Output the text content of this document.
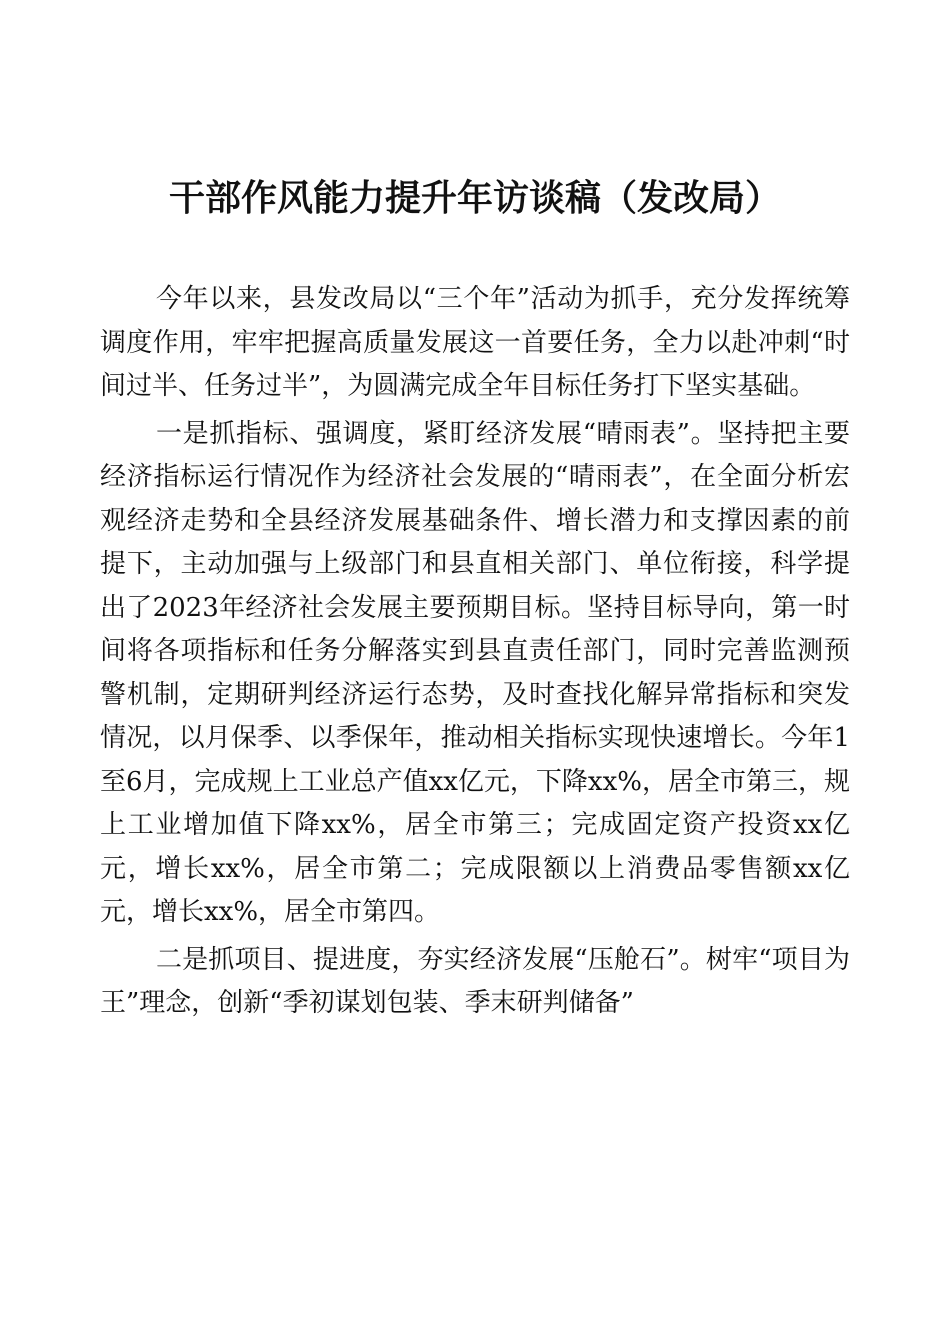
干部作风能力提升年访谈稿（发改局）

今年以来，县发改局以“三个年”活动为抓手，充分发挥统筹调度作用，牢牢把握高质量发展这一首要任务，全力以赴冲刺“时间过半、任务过半”，为圆满完成全年目标任务打下坚实基础。

一是抓指标、强调度，紧盯经济发展“晴雨表”。坚持把主要经济指标运行情况作为经济社会发展的“晴雨表”，在全面分析宏观经济走势和全县经济发展基础条件、增长潜力和支撑因素的前提下，主动加强与上级部门和县直相关部门、单位衔接，科学提出了2023年经济社会发展主要预期目标。坚持目标导向，第一时间将各项指标和任务分解落实到县直责任部门，同时完善监测预警机制，定期研判经济运行态势，及时查找化解异常指标和突发情况，以月保季、以季保年，推动相关指标实现快速增长。今年1至6月，完成规上工业总产值xx亿元，下降xx%，居全市第三，规上工业增加值下降xx%，居全市第三；完成固定资产投资xx亿元，增长xx%，居全市第二；完成限额以上消费品零售额xx亿元，增长xx%，居全市第四。

二是抓项目、提进度，夯实经济发展“压舱石”。树牢“项目为王”理念，创新“季初谋划包装、季末研判储备”
